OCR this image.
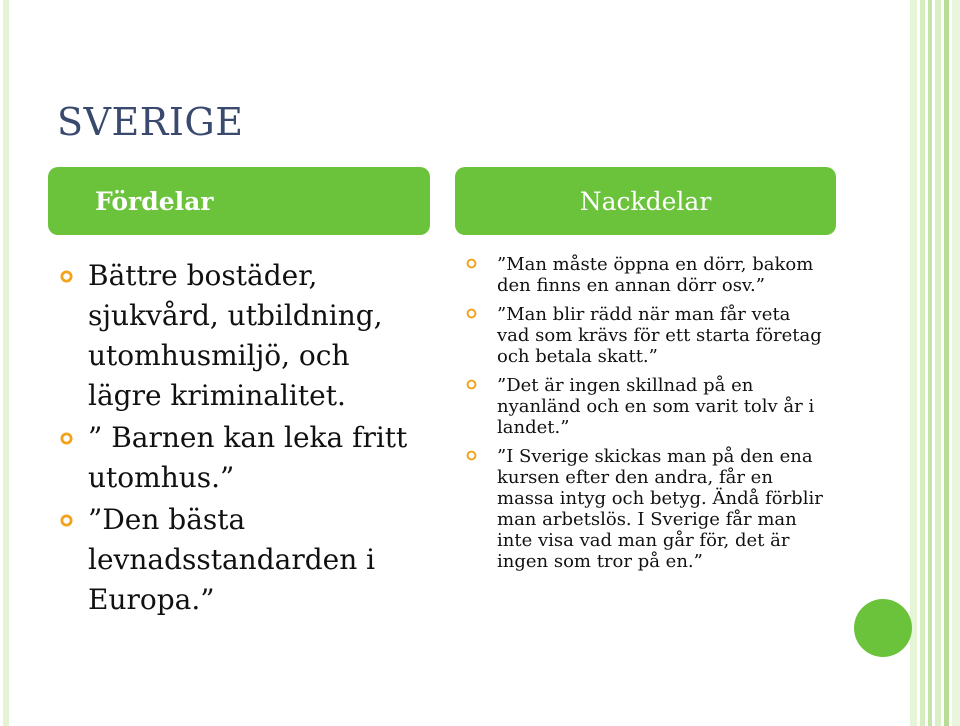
SVERIGE
Fördelar	Nackdelar
Bättre bostäder, sjukvård, utbildning, utomhusmiljö, och lägre kriminalitet.
” Barnen kan leka fritt utomhus.”
”Den bästa levnadsstandarden i Europa.”
”Man måste öppna en dörr, bakom den finns en annan dörr osv.”
”Man blir rädd när man får veta vad som krävs för ett starta företag och betala skatt.”
”Det är ingen skillnad på en nyanländ och en som varit tolv år i landet.”
”I Sverige skickas man på den ena kursen efter den andra, får en massa intyg och betyg. Ändå förblir man arbetslös. I Sverige får man inte visa vad man går för, det är ingen som tror på en.”
